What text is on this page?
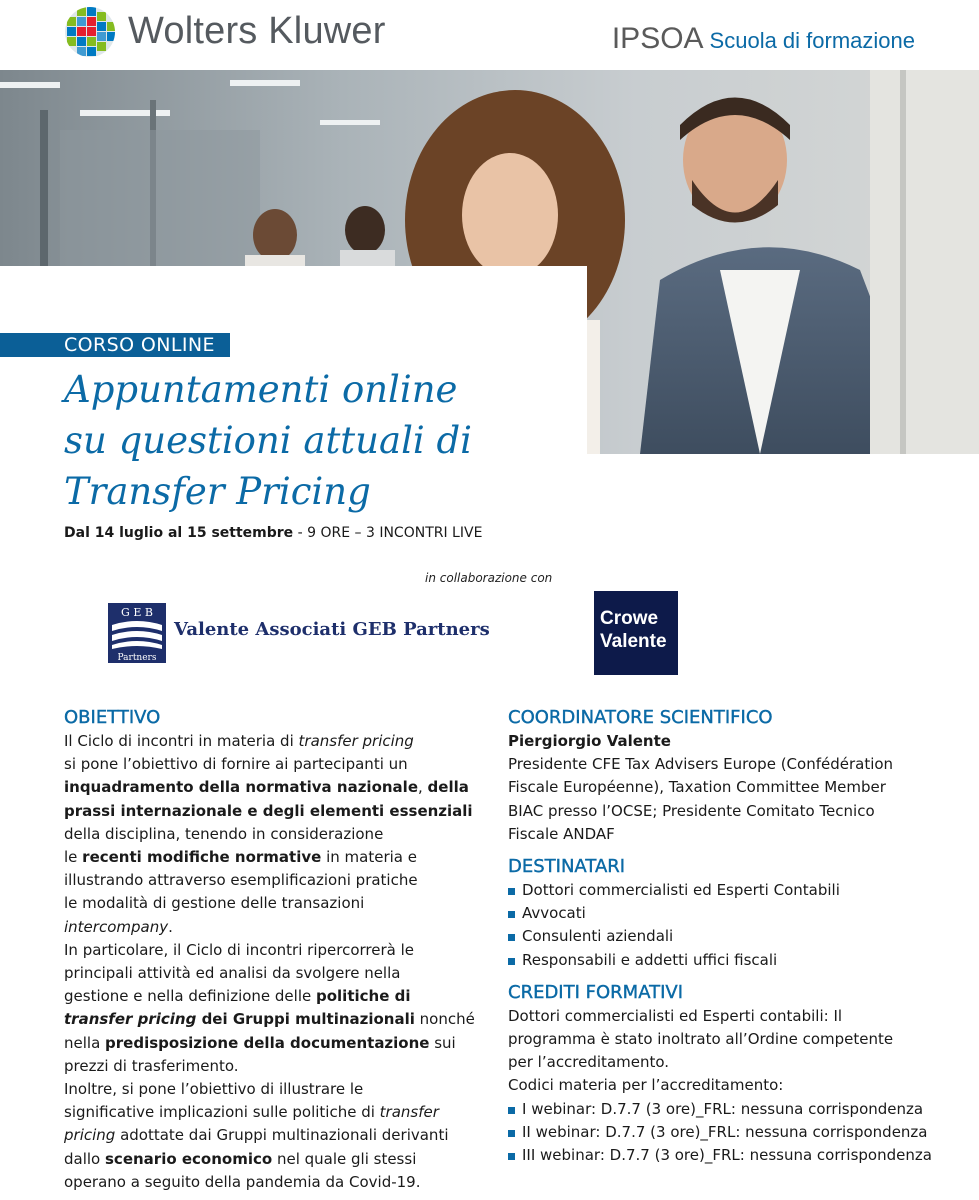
Wolters Kluwer	IPSOA Scuola di formazione
CORSO ONLINE
Appuntamenti online
su questioni attuali di
Transfer Pricing
Dal 14 luglio al 15 settembre - 9 ORE – 3 INCONTRI LIVE
in collaborazione con
G E B
Partners
Valente Associati GEB Partners
Crowe
Valente
OBIETTIVO
Il Ciclo di incontri in materia di transfer pricing
si pone l’obiettivo di fornire ai partecipanti un
inquadramento della normativa nazionale, della
prassi internazionale e degli elementi essenziali
della disciplina, tenendo in considerazione
le recenti modifiche normative in materia e
illustrando attraverso esemplificazioni pratiche
le modalità di gestione delle transazioni
intercompany.
In particolare, il Ciclo di incontri ripercorrerà le
principali attività ed analisi da svolgere nella
gestione e nella definizione delle politiche di
transfer pricing dei Gruppi multinazionali nonché
nella predisposizione della documentazione sui
prezzi di trasferimento.
Inoltre, si pone l’obiettivo di illustrare le
significative implicazioni sulle politiche di transfer
pricing adottate dai Gruppi multinazionali derivanti
dallo scenario economico nel quale gli stessi
operano a seguito della pandemia da Covid-19.
COORDINATORE SCIENTIFICO
Piergiorgio Valente
Presidente CFE Tax Advisers Europe (Confédération
Fiscale Européenne), Taxation Committee Member
BIAC presso l’OCSE; Presidente Comitato Tecnico
Fiscale ANDAF
DESTINATARI
Dottori commercialisti ed Esperti Contabili
Avvocati
Consulenti aziendali
Responsabili e addetti uffici fiscali
CREDITI FORMATIVI
Dottori commercialisti ed Esperti contabili: Il
programma è stato inoltrato all’Ordine competente
per l’accreditamento.
Codici materia per l’accreditamento:
I webinar: D.7.7 (3 ore)_FRL: nessuna corrispondenza
II webinar: D.7.7 (3 ore)_FRL: nessuna corrispondenza
III webinar: D.7.7 (3 ore)_FRL: nessuna corrispondenza
